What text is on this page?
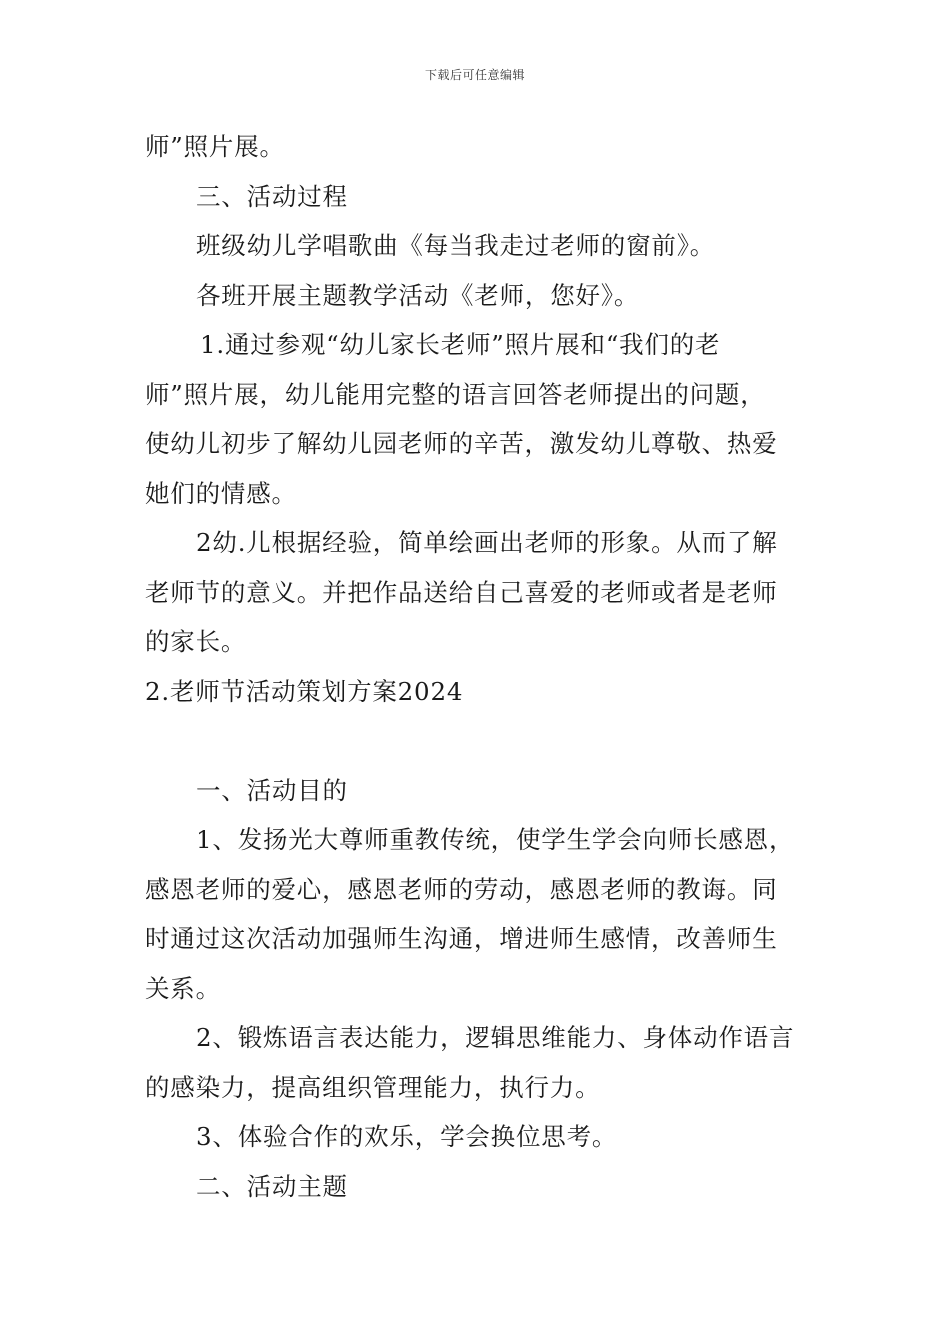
下载后可任意编辑
师”照片展。
三、活动过程
班级幼儿学唱歌曲《每当我走过老师的窗前》。
各班开展主题教学活动《老师，您好》。
1.通过参观“幼儿家长老师”照片展和“我们的老
师”照片展，幼儿能用完整的语言回答老师提出的问题，
使幼儿初步了解幼儿园老师的辛苦，激发幼儿尊敬、热爱
她们的情感。
2幼.儿根据经验，简单绘画出老师的形象。从而了解
老师节的意义。并把作品送给自己喜爱的老师或者是老师
的家长。
2.老师节活动策划方案2024
一、活动目的
1、发扬光大尊师重教传统，使学生学会向师长感恩，
感恩老师的爱心，感恩老师的劳动，感恩老师的教诲。同
时通过这次活动加强师生沟通，增进师生感情，改善师生
关系。
2、锻炼语言表达能力，逻辑思维能力、身体动作语言
的感染力，提高组织管理能力，执行力。
3、体验合作的欢乐，学会换位思考。
二、活动主题
